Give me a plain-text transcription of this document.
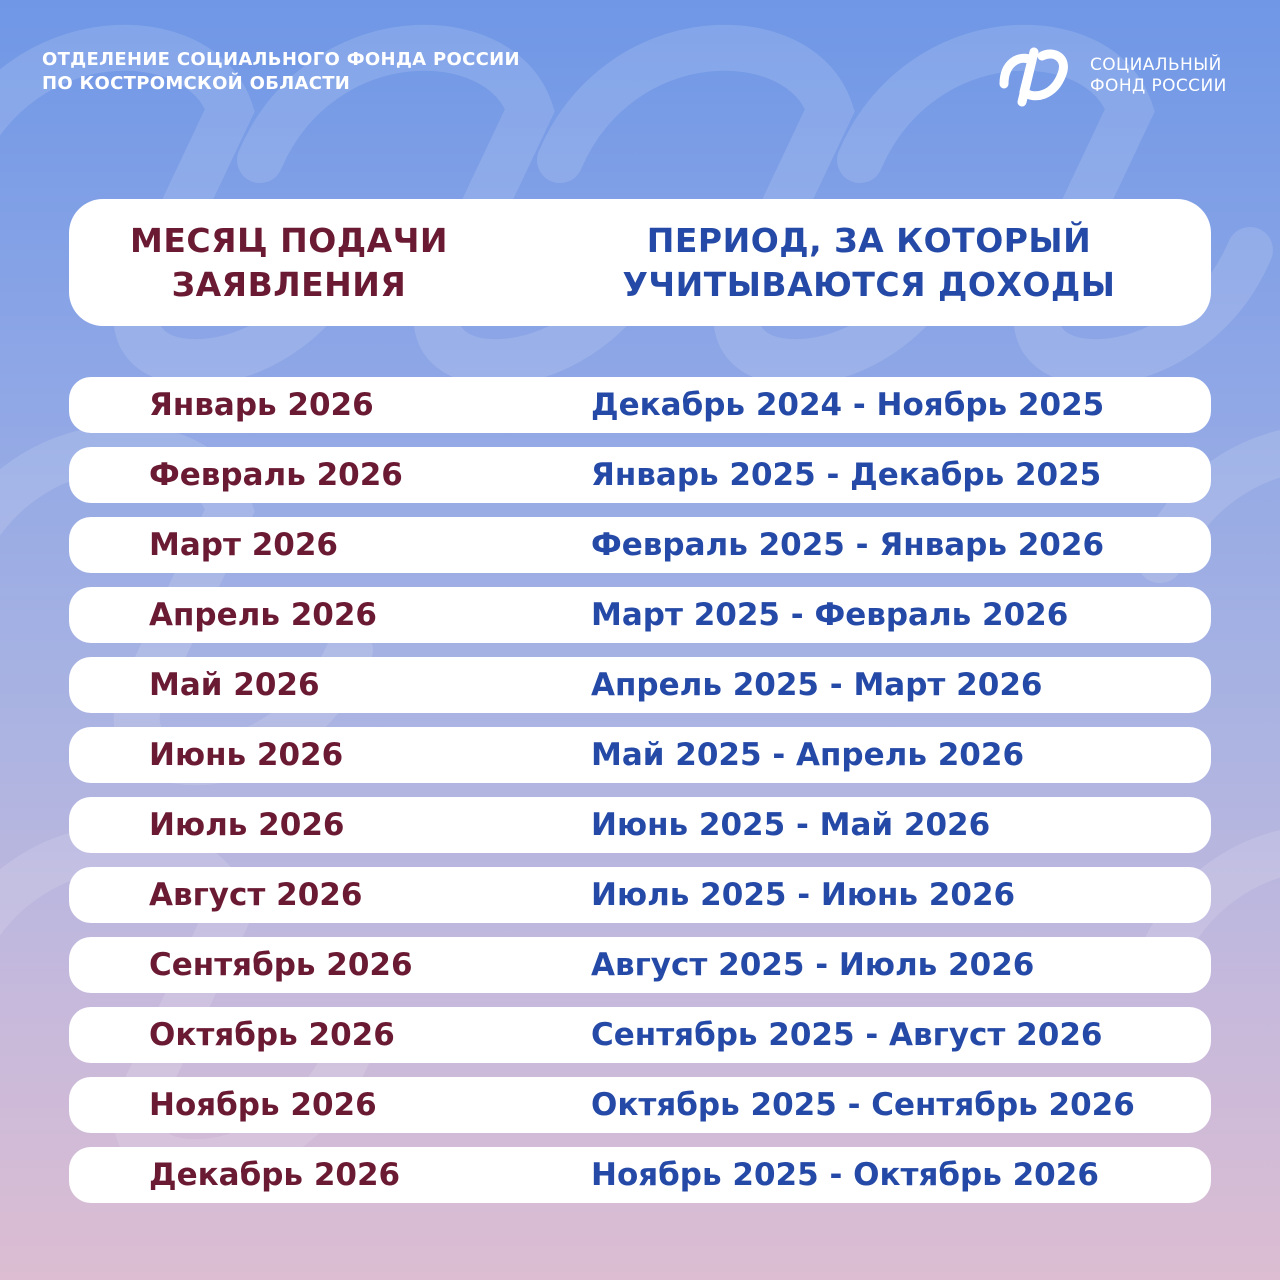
ОТДЕЛЕНИЕ СОЦИАЛЬНОГО ФОНДА РОССИИ
ПО КОСТРОМСКОЙ ОБЛАСТИ
СОЦИАЛЬНЫЙ
ФОНД РОССИИ
МЕСЯЦ ПОДАЧИ
ЗАЯВЛЕНИЯ
ПЕРИОД, ЗА КОТОРЫЙ
УЧИТЫВАЮТСЯ ДОХОДЫ
Январь 2026	Декабрь 2024 - Ноябрь 2025
Февраль 2026	Январь 2025 - Декабрь 2025
Март 2026	Февраль 2025 - Январь 2026
Апрель 2026	Март 2025 - Февраль 2026
Май 2026	Апрель 2025 - Март 2026
Июнь 2026	Май 2025 - Апрель 2026
Июль 2026	Июнь 2025 - Май 2026
Август 2026	Июль 2025 - Июнь 2026
Сентябрь 2026	Август 2025 - Июль 2026
Октябрь 2026	Сентябрь 2025 - Август 2026
Ноябрь 2026	Октябрь 2025 - Сентябрь 2026
Декабрь 2026	Ноябрь 2025 - Октябрь 2026
